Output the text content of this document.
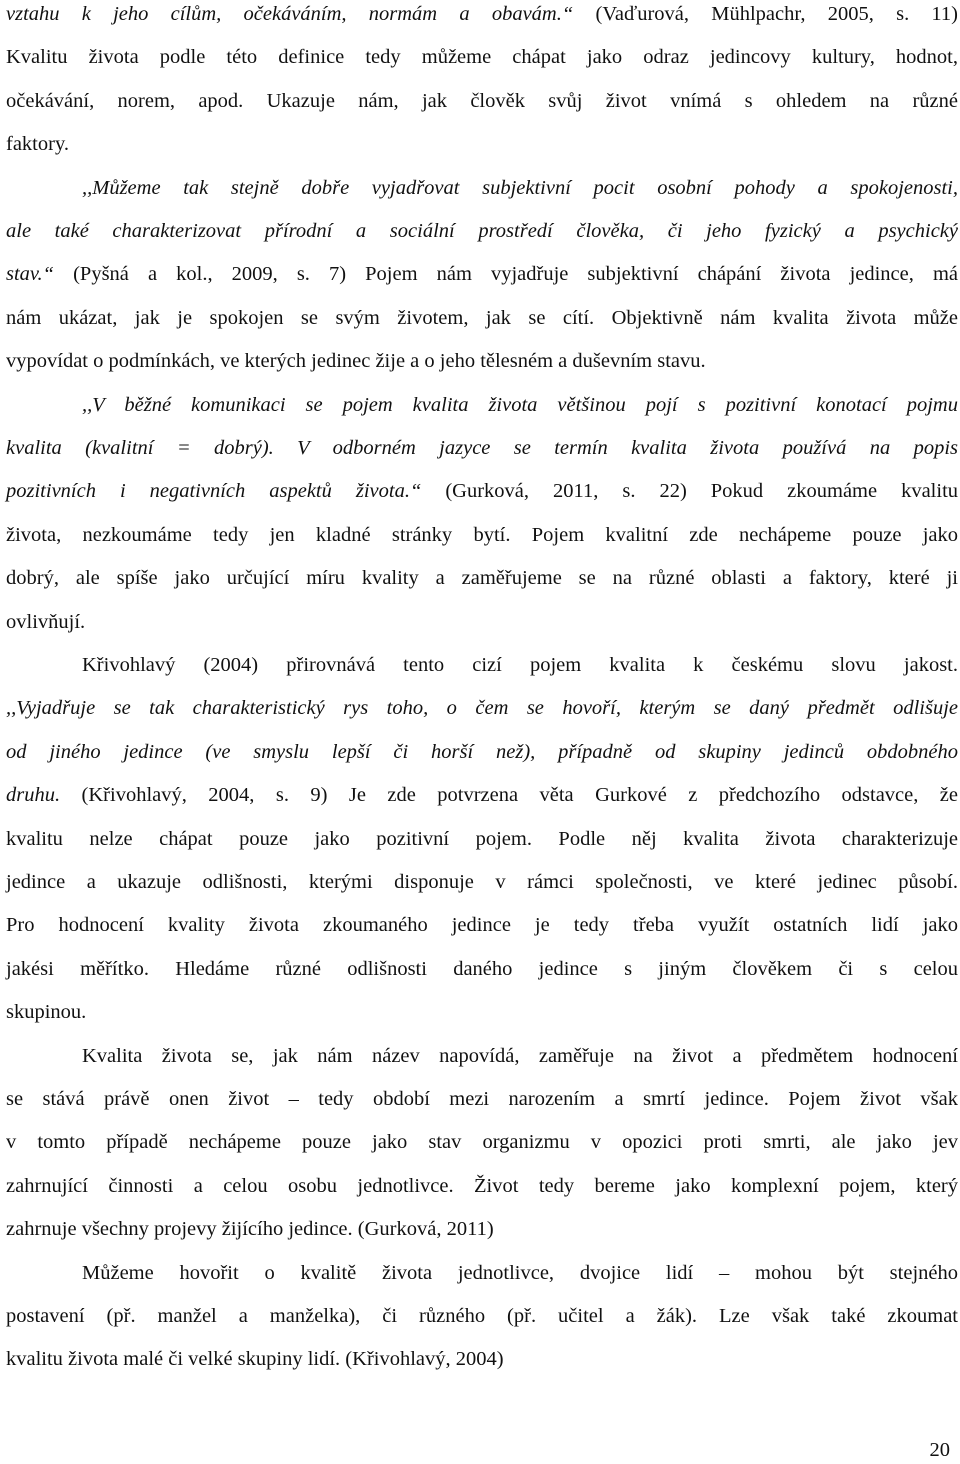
vztahu k jeho cílům, očekáváním, normám a obavám.“ (Vaďurová, Mühlpachr, 2005, s. 11)
Kvalitu života podle této definice tedy můžeme chápat jako odraz jedincovy kultury, hodnot,
očekávání, norem, apod. Ukazuje nám, jak člověk svůj život vnímá s ohledem na různé
faktory.
,,Můžeme tak stejně dobře vyjadřovat subjektivní pocit osobní pohody a spokojenosti,
ale také charakterizovat přírodní a sociální prostředí člověka, či jeho fyzický a psychický
stav.“ (Pyšná a kol., 2009, s. 7) Pojem nám vyjadřuje subjektivní chápání života jedince, má
nám ukázat, jak je spokojen se svým životem, jak se cítí. Objektivně nám kvalita života může
vypovídat o podmínkách, ve kterých jedinec žije a o jeho tělesném a duševním stavu.
,,V běžné komunikaci se pojem kvalita života většinou pojí s pozitivní konotací pojmu
kvalita (kvalitní = dobrý). V odborném jazyce se termín kvalita života používá na popis
pozitivních i negativních aspektů života.“ (Gurková, 2011, s. 22) Pokud zkoumáme kvalitu
života, nezkoumáme tedy jen kladné stránky bytí. Pojem kvalitní zde nechápeme pouze jako
dobrý, ale spíše jako určující míru kvality a zaměřujeme se na různé oblasti a faktory, které ji
ovlivňují.
Křivohlavý (2004) přirovnává tento cizí pojem kvalita k českému slovu jakost.
,,Vyjadřuje se tak charakteristický rys toho, o čem se hovoří, kterým se daný předmět odlišuje
od jiného jedince (ve smyslu lepší či horší než), případně od skupiny jedinců obdobného
druhu. (Křivohlavý, 2004, s. 9) Je zde potvrzena věta Gurkové z předchozího odstavce, že
kvalitu nelze chápat pouze jako pozitivní pojem. Podle něj kvalita života charakterizuje
jedince a ukazuje odlišnosti, kterými disponuje v rámci společnosti, ve které jedinec působí.
Pro hodnocení kvality života zkoumaného jedince je tedy třeba využít ostatních lidí jako
jakési měřítko. Hledáme různé odlišnosti daného jedince s jiným člověkem či s celou
skupinou.
Kvalita života se, jak nám název napovídá, zaměřuje na život a předmětem hodnocení
se stává právě onen život – tedy období mezi narozením a smrtí jedince. Pojem život však
v tomto případě nechápeme pouze jako stav organizmu v opozici proti smrti, ale jako jev
zahrnující činnosti a celou osobu jednotlivce. Život tedy bereme jako komplexní pojem, který
zahrnuje všechny projevy žijícího jedince. (Gurková, 2011)
Můžeme hovořit o kvalitě života jednotlivce, dvojice lidí – mohou být stejného
postavení (př. manžel a manželka), či různého (př. učitel a žák). Lze však také zkoumat
kvalitu života malé či velké skupiny lidí. (Křivohlavý, 2004)
20
